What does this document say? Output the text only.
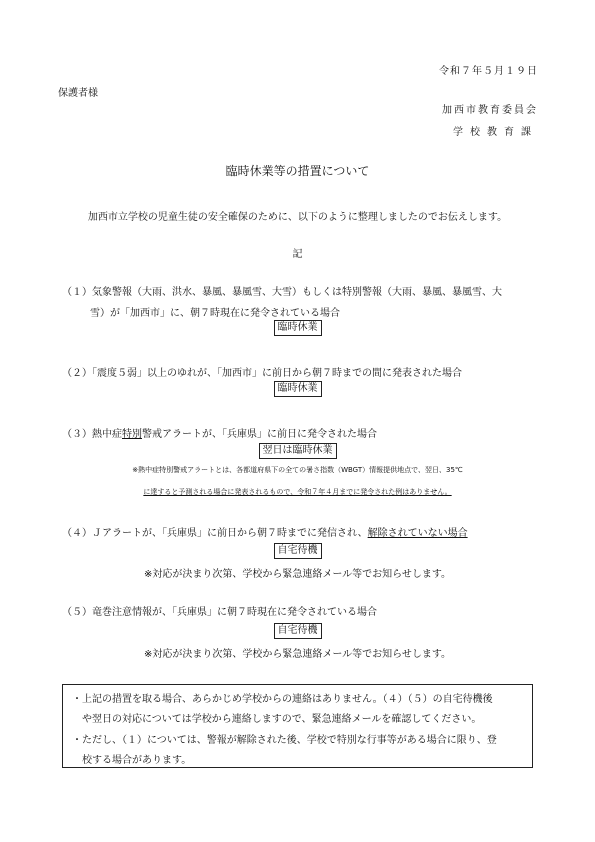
令和７年５月１９日
保護者様
加西市教育委員会
学校教育課
臨時休業等の措置について
加西市立学校の児童生徒の安全確保のために、以下のように整理しましたのでお伝えします。
記
（１）気象警報（大雨、洪水、暴風、暴風雪、大雪）もしくは特別警報（大雨、暴風、暴風雪、大
雪）が「加西市」に、朝７時現在に発令されている場合
臨時休業
（２）「震度５弱」以上のゆれが、「加西市」に前日から朝７時までの間に発表された場合
臨時休業
（３）熱中症特別警戒アラートが、「兵庫県」に前日に発令された場合
翌日は臨時休業
※熱中症特別警戒アラートとは、各都道府県下の全ての暑さ指数（WBGT）情報提供地点で、翌日、35℃
に達すると予測される場合に発表されるもので、令和７年４月までに発令された例はありません。
（４）Ｊアラートが、「兵庫県」に前日から朝７時までに発信され、解除されていない場合
自宅待機
※対応が決まり次第、学校から緊急連絡メール等でお知らせします。
（５）竜巻注意情報が、「兵庫県」に朝７時現在に発令されている場合
自宅待機
※対応が決まり次第、学校から緊急連絡メール等でお知らせします。
・上記の措置を取る場合、あらかじめ学校からの連絡はありません。（４）（５）の自宅待機後
や翌日の対応については学校から連絡しますので、緊急連絡メールを確認してください。
・ただし、（１）については、警報が解除された後、学校で特別な行事等がある場合に限り、登
校する場合があります。
